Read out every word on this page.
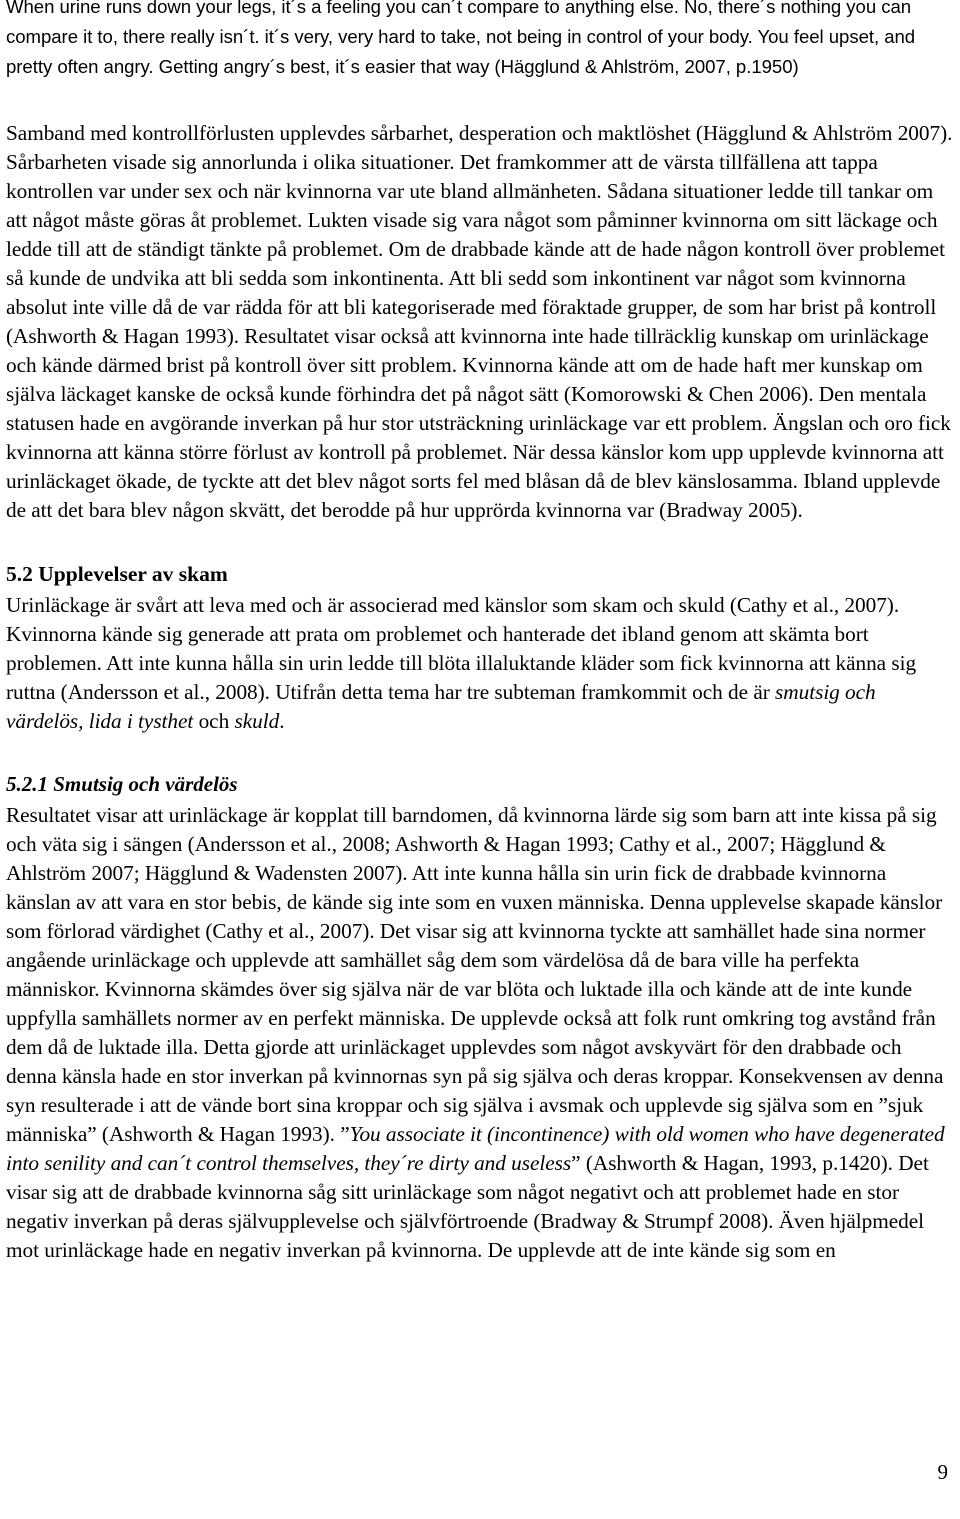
When urine runs down your legs, it´s a feeling you can´t compare to anything else. No, there´s nothing you can compare it to, there really isn´t. it´s very, very hard to take, not being in control of your body. You feel upset, and pretty often angry. Getting angry´s best, it´s easier that way (Hägglund & Ahlström, 2007, p.1950)

Samband med kontrollförlusten upplevdes sårbarhet, desperation och maktlöshet (Hägglund & Ahlström 2007). Sårbarheten visade sig annorlunda i olika situationer. Det framkommer att de värsta tillfällena att tappa kontrollen var under sex och när kvinnorna var ute bland allmänheten. Sådana situationer ledde till tankar om att något måste göras åt problemet. Lukten visade sig vara något som påminner kvinnorna om sitt läckage och ledde till att de ständigt tänkte på problemet. Om de drabbade kände att de hade någon kontroll över problemet så kunde de undvika att bli sedda som inkontinenta. Att bli sedd som inkontinent var något som kvinnorna absolut inte ville då de var rädda för att bli kategoriserade med föraktade grupper, de som har brist på kontroll (Ashworth & Hagan 1993). Resultatet visar också att kvinnorna inte hade tillräcklig kunskap om urinläckage och kände därmed brist på kontroll över sitt problem. Kvinnorna kände att om de hade haft mer kunskap om själva läckaget kanske de också kunde förhindra det på något sätt (Komorowski & Chen 2006). Den mentala statusen hade en avgörande inverkan på hur stor utsträckning urinläckage var ett problem. Ängslan och oro fick kvinnorna att känna större förlust av kontroll på problemet. När dessa känslor kom upp upplevde kvinnorna att urinläckaget ökade, de tyckte att det blev något sorts fel med blåsan då de blev känslosamma. Ibland upplevde de att det bara blev någon skvätt, det berodde på hur upprörda kvinnorna var (Bradway 2005).

5.2 Upplevelser av skam

Urinläckage är svårt att leva med och är associerad med känslor som skam och skuld (Cathy et al., 2007). Kvinnorna kände sig generade att prata om problemet och hanterade det ibland genom att skämta bort problemen. Att inte kunna hålla sin urin ledde till blöta illaluktande kläder som fick kvinnorna att känna sig ruttna (Andersson et al., 2008). Utifrån detta tema har tre subteman framkommit och de är smutsig och värdelös, lida i tysthet och skuld.

5.2.1 Smutsig och värdelös

Resultatet visar att urinläckage är kopplat till barndomen, då kvinnorna lärde sig som barn att inte kissa på sig och väta sig i sängen (Andersson et al., 2008; Ashworth & Hagan 1993; Cathy et al., 2007; Hägglund & Ahlström 2007; Hägglund & Wadensten 2007). Att inte kunna hålla sin urin fick de drabbade kvinnorna känslan av att vara en stor bebis, de kände sig inte som en vuxen människa. Denna upplevelse skapade känslor som förlorad värdighet (Cathy et al., 2007). Det visar sig att kvinnorna tyckte att samhället hade sina normer angående urinläckage och upplevde att samhället såg dem som värdelösa då de bara ville ha perfekta människor. Kvinnorna skämdes över sig själva när de var blöta och luktade illa och kände att de inte kunde uppfylla samhällets normer av en perfekt människa. De upplevde också att folk runt omkring tog avstånd från dem då de luktade illa. Detta gjorde att urinläckaget upplevdes som något avskyvärt för den drabbade och denna känsla hade en stor inverkan på kvinnornas syn på sig själva och deras kroppar. Konsekvensen av denna syn resulterade i att de vände bort sina kroppar och sig själva i avsmak och upplevde sig själva som en ”sjuk människa” (Ashworth & Hagan 1993). ”You associate it (incontinence) with old women who have degenerated into senility and can´t control themselves, they´re dirty and useless” (Ashworth & Hagan, 1993, p.1420). Det visar sig att de drabbade kvinnorna såg sitt urinläckage som något negativt och att problemet hade en stor negativ inverkan på deras självupplevelse och självförtroende (Bradway & Strumpf 2008). Även hjälpmedel mot urinläckage hade en negativ inverkan på kvinnorna. De upplevde att de inte kände sig som en

9
